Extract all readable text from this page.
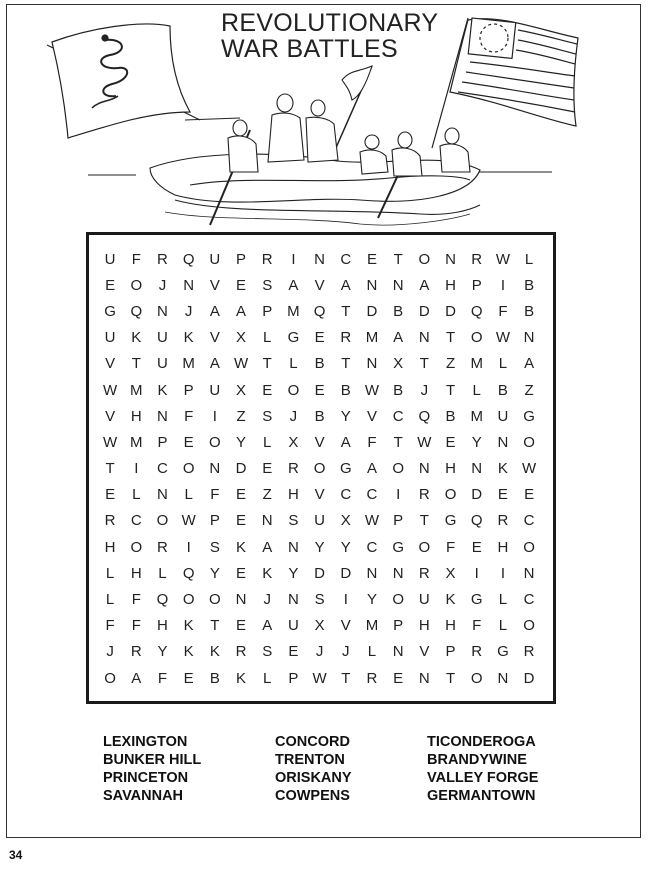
REVOLUTIONARY
WAR BATTLES
U	F	R Q U	P	R	I	N	C	E	T	O N	R W L
E	O	J	N	V	E	S	A	V	A	N	N	A	H	P	I	B
G Q N	J	A	A	P M Q	T	D	B	D	D Q	F	B
U	K	U	K	V	X	L	G	E	R M A	N	T	O W N
V	T	U M A W T	L	B	T	N	X	T	Z	M	L	A
W M K	P	U	X	E	O	E	B W B	J	T	L	B	Z
V	H	N	F	I	Z	S	J	B	Y	V	C Q	B M U G
W M P	E	O	Y	L	X	V	A	F	T W E	Y	N O
T	I	C O N	D	E	R O G	A	O N	H	N	K W
E	L	N	L	F	E	Z	H	V	C	C	I	R O D	E	E
R	C O W P	E	N	S	U	X W P	T	G Q R	C
H O R	I	S	K	A	N	Y	Y	C G O	F	E	H O
L	H	L	Q	Y	E	K	Y	D	D	N	N	R	X	I	I	N
L	F	Q O O N	J	N	S	I	Y	O U	K	G	L	C
F	F	H	K	T	E	A	U	X	V M P	H	H	F	L	O
J	R	Y	K	K	R	S	E	J	J	L	N	V	P	R G R
O	A	F	E	B	K	L	P W T	R	E	N	T	O N	D
LEXINGTON
BUNKER HILL
PRINCETON
SAVANNAH
CONCORD
TRENTON
ORISKANY
COWPENS
TICONDEROGA
BRANDYWINE
VALLEY FORGE
GERMANTOWN
34
